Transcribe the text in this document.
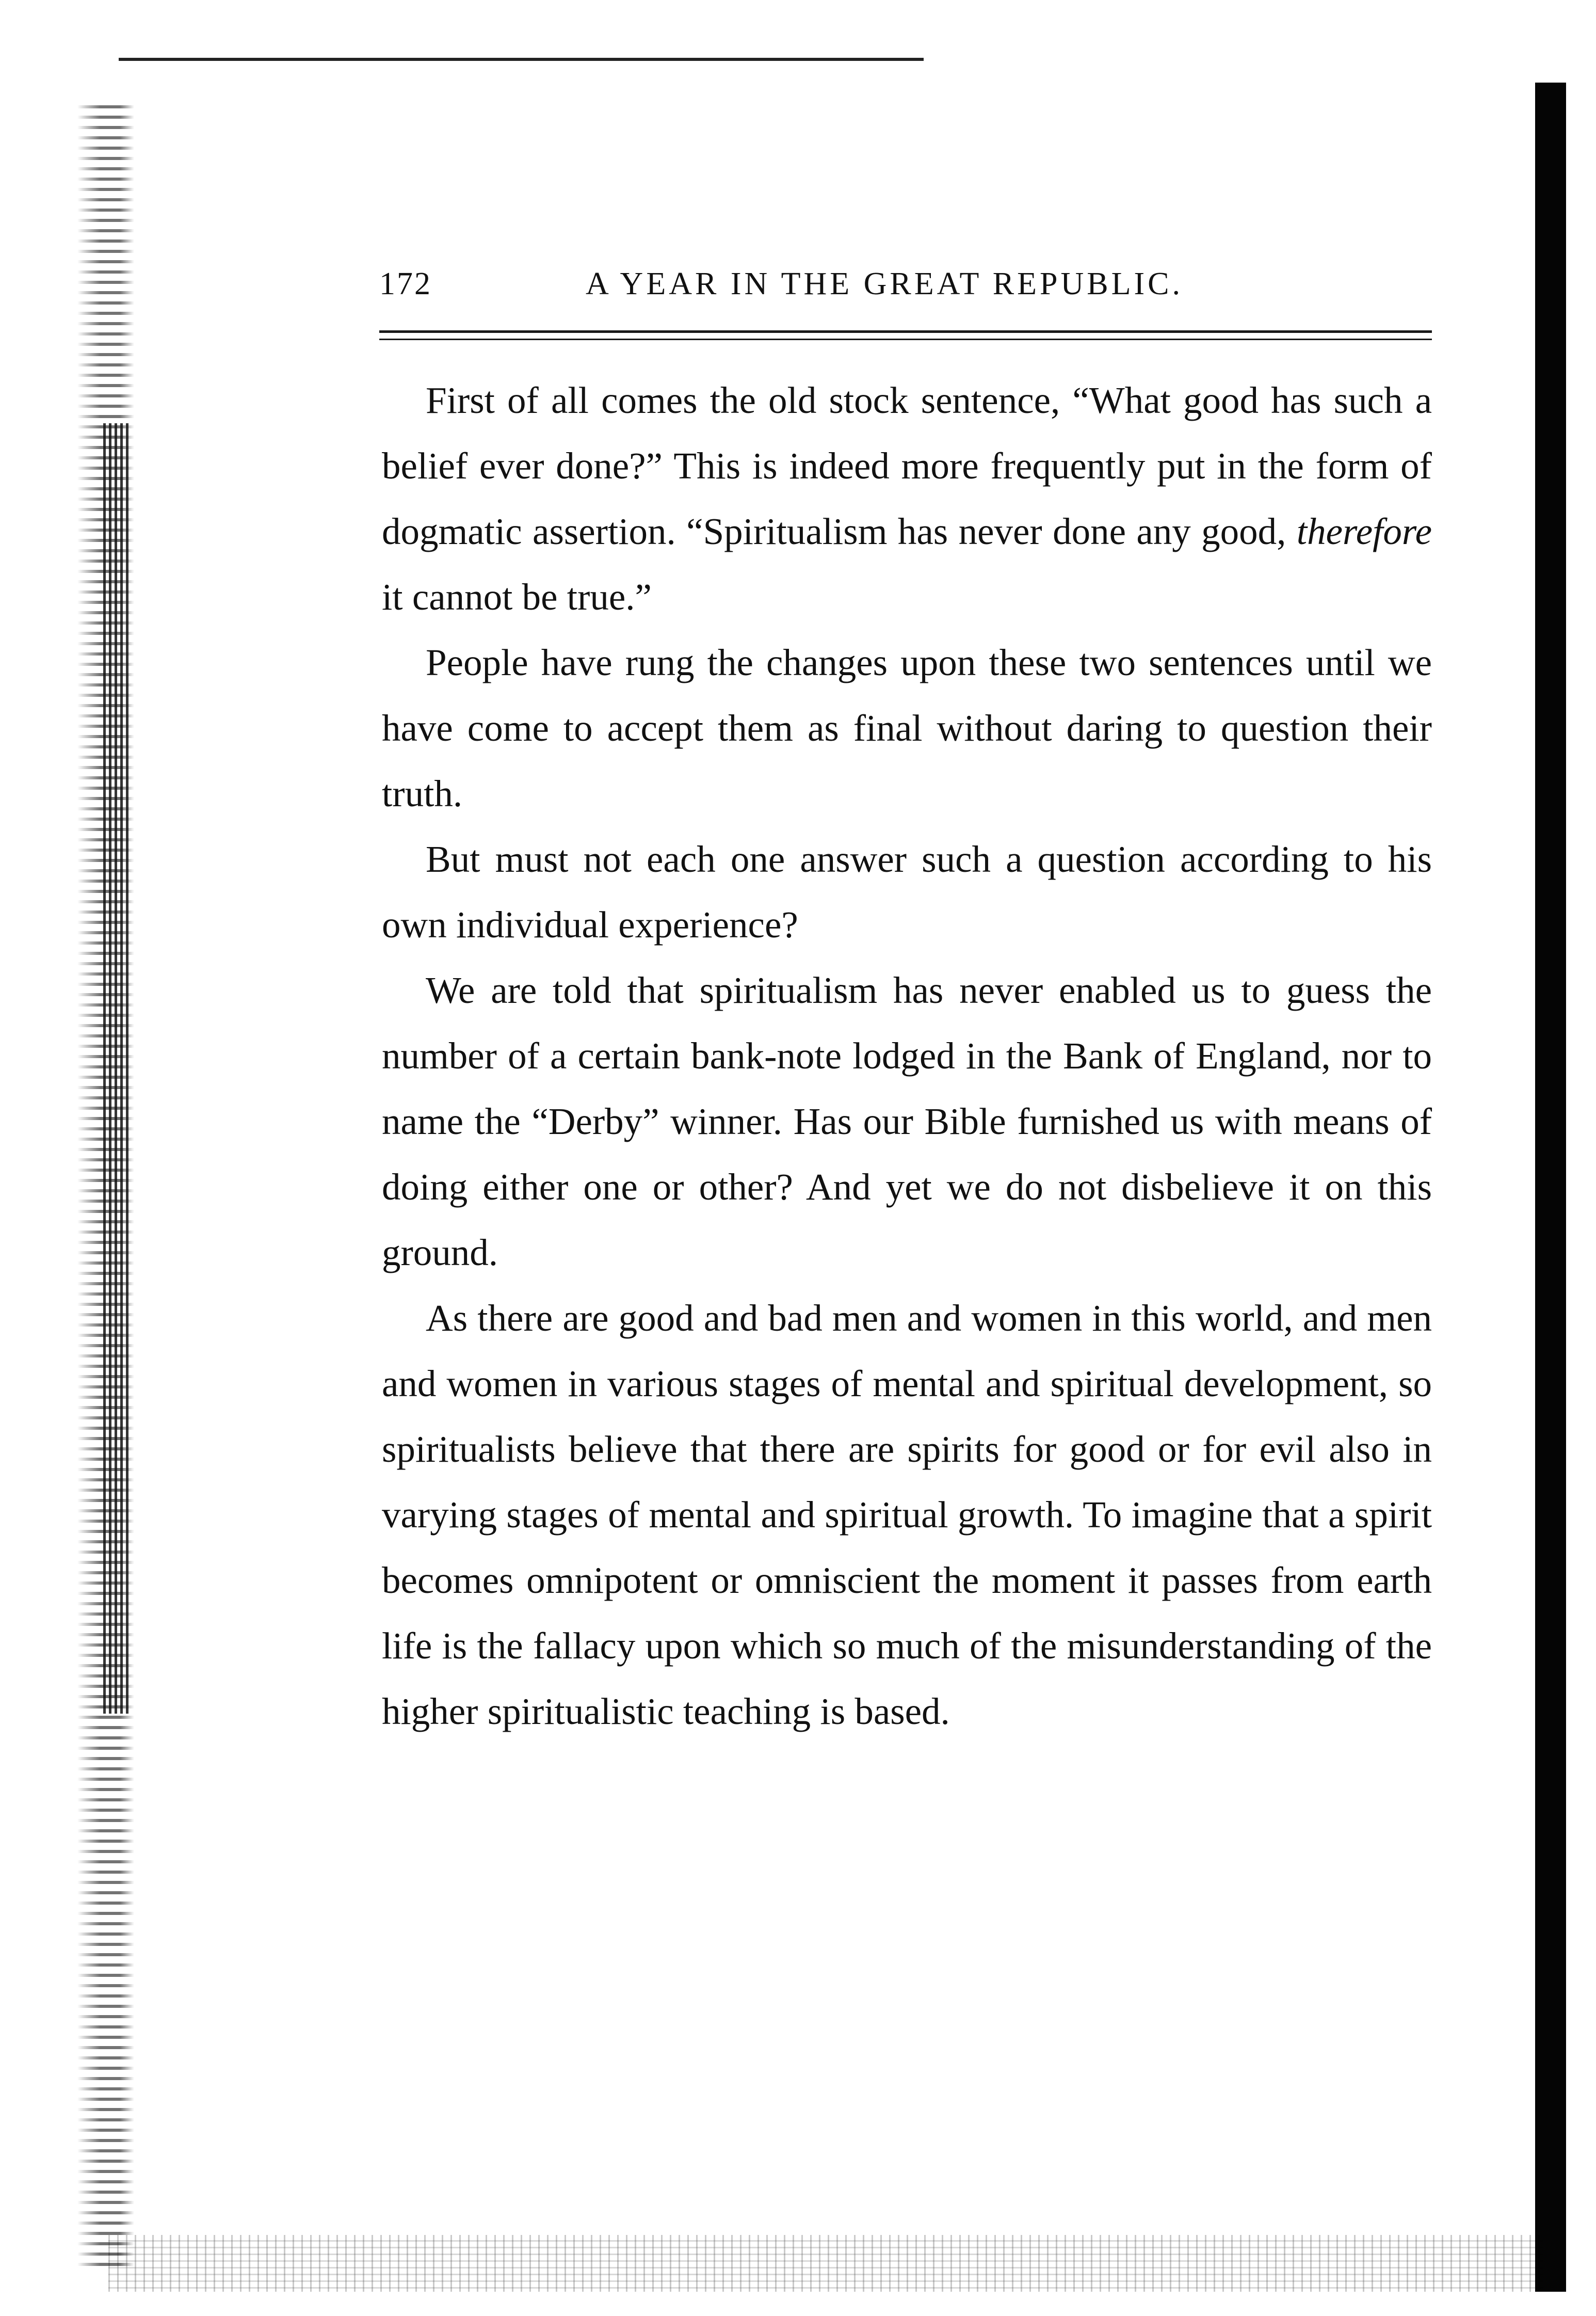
172	A YEAR IN THE GREAT REPUBLIC.

First of all comes the old stock sentence, “What good has such a belief ever done?” This is indeed more frequently put in the form of dogmatic assertion. “Spiritualism has never done any good, therefore it cannot be true.”

People have rung the changes upon these two sentences until we have come to accept them as final without daring to question their truth.

But must not each one answer such a question according to his own individual experience?

We are told that spiritualism has never enabled us to guess the number of a certain bank-note lodged in the Bank of England, nor to name the “Derby” winner. Has our Bible furnished us with means of doing either one or other? And yet we do not disbelieve it on this ground.

As there are good and bad men and women in this world, and men and women in various stages of mental and spiritual development, so spiritualists believe that there are spirits for good or for evil also in varying stages of mental and spiritual growth. To imagine that a spirit becomes omnipotent or omniscient the moment it passes from earth life is the fallacy upon which so much of the misunderstanding of the higher spiritualistic teaching is based.
